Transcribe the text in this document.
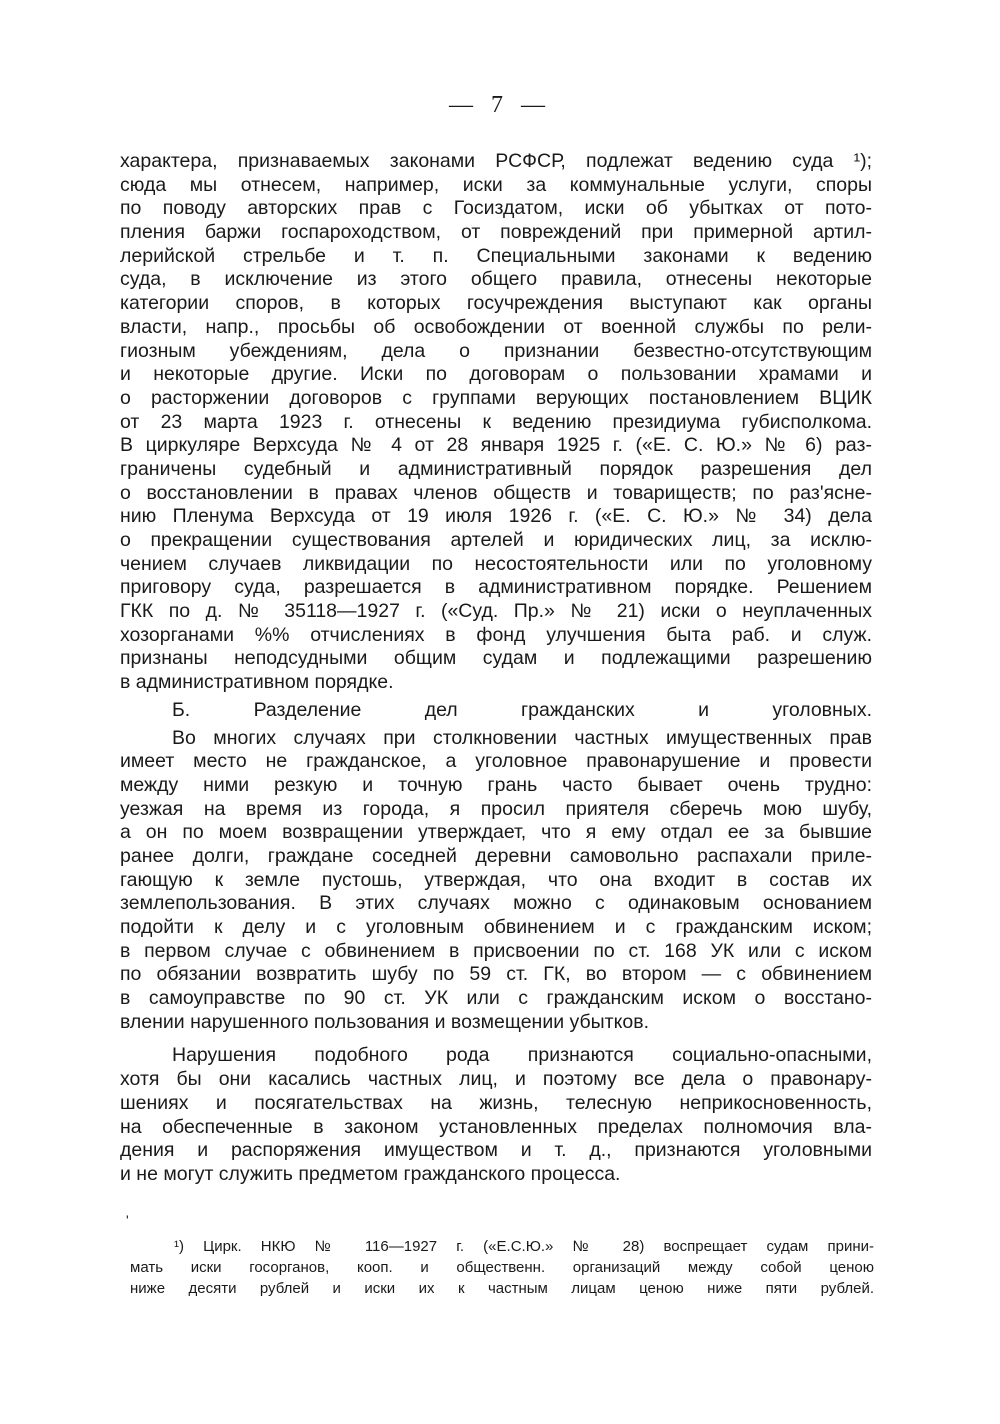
— 7 —
характера, признаваемых законами РСФСР, подлежат ведению суда ¹);
сюда мы отнесем, например, иски за коммунальные услуги, споры
по поводу авторских прав с Госиздатом, иски об убытках от пото-
пления баржи госпароходством, от повреждений при примерной артил-
лерийской стрельбе и т. п. Специальными законами к ведению
суда, в исключение из этого общего правила, отнесены некоторые
категории споров, в которых госучреждения выступают как органы
власти, напр., просьбы об освобождении от военной службы по рели-
гиозным убеждениям, дела о признании безвестно-отсутствующим
и некоторые другие. Иски по договорам о пользовании храмами и
о расторжении договоров с группами верующих постановлением ВЦИК
от 23 марта 1923 г. отнесены к ведению президиума губисполкома.
В циркуляре Верхсуда № 4 от 28 января 1925 г. («Е. С. Ю.» № 6) раз-
граничены судебный и административный порядок разрешения дел
о восстановлении в правах членов обществ и товариществ; по раз'ясне-
нию Пленума Верхсуда от 19 июля 1926 г. («Е. С. Ю.» № 34) дела
о прекращении существования артелей и юридических лиц, за исклю-
чением случаев ликвидации по несостоятельности или по уголовному
приговору суда, разрешается в административном порядке. Решением
ГКК по д. № 35118—1927 г. («Суд. Пр.» № 21) иски о неуплаченных
хозорганами %% отчислениях в фонд улучшения быта раб. и служ.
признаны неподсудными общим судам и подлежащими разрешению
в административном порядке.
Б. Разделение дел гражданских и уголовных.
Во многих случаях при столкновении частных имущественных прав
имеет место не гражданское, а уголовное правонарушение и провести
между ними резкую и точную грань часто бывает очень трудно:
уезжая на время из города, я просил приятеля сберечь мою шубу,
а он по моем возвращении утверждает, что я ему отдал ее за бывшие
ранее долги, граждане соседней деревни самовольно распахали приле-
гающую к земле пустошь, утверждая, что она входит в состав их
землепользования. В этих случаях можно с одинаковым основанием
подойти к делу и с уголовным обвинением и с гражданским иском;
в первом случае с обвинением в присвоении по ст. 168 УК или с иском
по обязании возвратить шубу по 59 ст. ГК, во втором — с обвинением
в самоуправстве по 90 ст. УК или с гражданским иском о восстано-
влении нарушенного пользования и возмещении убытков.
Нарушения подобного рода признаются социально-опасными,
хотя бы они касались частных лиц, и поэтому все дела о правонару-
шениях и посягательствах на жизнь, телесную неприкосновенность,
на обеспеченные в законом установленных пределах полномочия вла-
дения и распоряжения имуществом и т. д., признаются уголовными
и не могут служить предметом гражданского процесса.
'
¹) Цирк. НКЮ № 116—1927 г. («Е.С.Ю.» № 28) воспрещает судам прини-
мать иски госорганов, кооп. и общественн. организаций между собой ценою
ниже десяти рублей и иски их к частным лицам ценою ниже пяти рублей.
